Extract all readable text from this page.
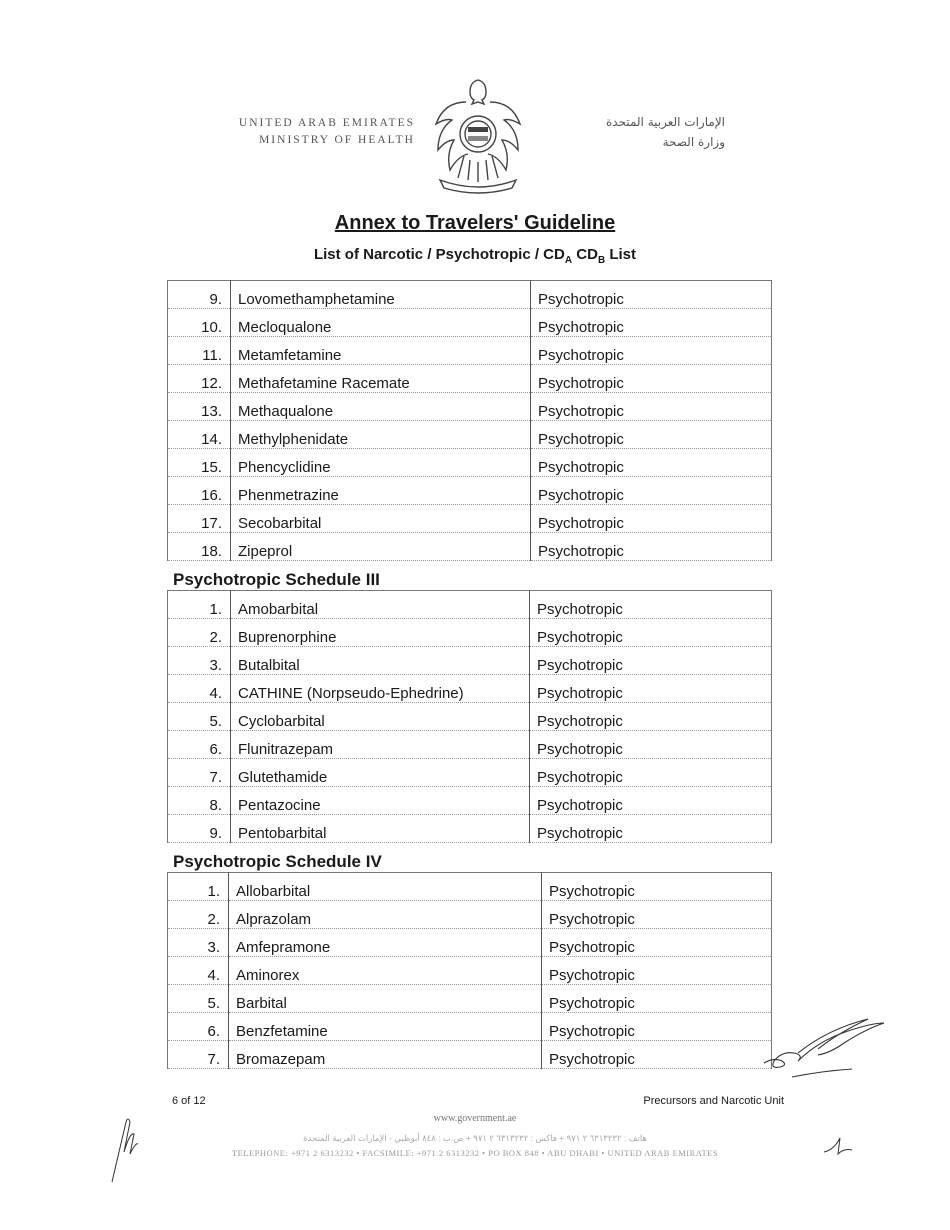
UNITED ARAB EMIRATES
MINISTRY OF HEALTH
الإمارات العربية المتحدة
وزارة الصحة
Annex to Travelers' Guideline
List of Narcotic / Psychotropic / $CD_A$ $CD_B$ List
9.	Lovomethamphetamine	Psychotropic
10.	Mecloqualone	Psychotropic
11.	Metamfetamine	Psychotropic
12.	Methafetamine Racemate	Psychotropic
13.	Methaqualone	Psychotropic
14.	Methylphenidate	Psychotropic
15.	Phencyclidine	Psychotropic
16.	Phenmetrazine	Psychotropic
17.	Secobarbital	Psychotropic
18.	Zipeprol	Psychotropic
Psychotropic Schedule III
1.	Amobarbital	Psychotropic
2.	Buprenorphine	Psychotropic
3.	Butalbital	Psychotropic
4.	CATHINE (Norpseudo-Ephedrine)	Psychotropic
5.	Cyclobarbital	Psychotropic
6.	Flunitrazepam	Psychotropic
7.	Glutethamide	Psychotropic
8.	Pentazocine	Psychotropic
9.	Pentobarbital	Psychotropic
Psychotropic Schedule IV
1.	Allobarbital	Psychotropic
2.	Alprazolam	Psychotropic
3.	Amfepramone	Psychotropic
4.	Aminorex	Psychotropic
5.	Barbital	Psychotropic
6.	Benzfetamine	Psychotropic
7.	Bromazepam	Psychotropic
6 of 12	Precursors and Narcotic Unit
www.government.ae
هاتف : ٦٣١٣٢٣٢ ٢ ٩٧١ + فاكس : ٦٣١٣٢٣٢ ٢ ٩٧١ + ص.ب : ٨٤٨ أبوظبي - الإمارات العربية المتحدة
TELEPHONE: +971 2 6313232 • FACSIMILE: +971 2 6313232 • PO BOX 848 • ABU DHABI • UNITED ARAB EMIRATES
